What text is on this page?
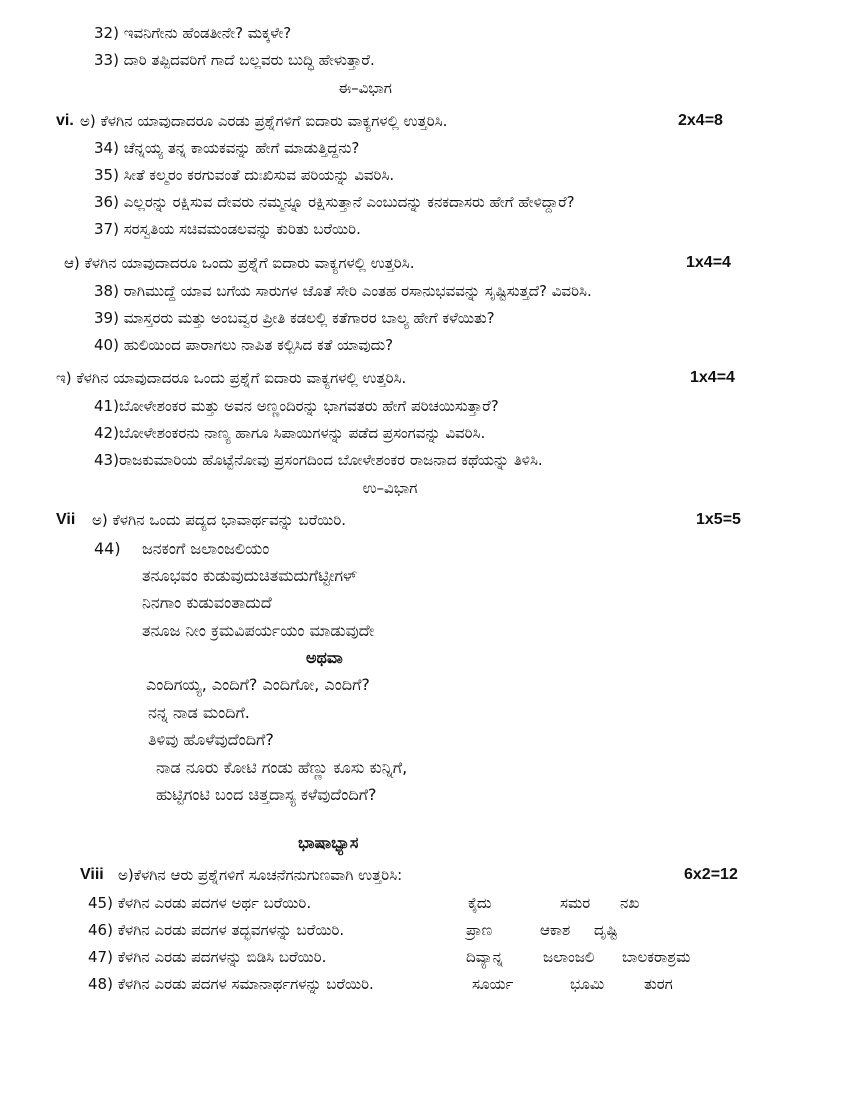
32) ಇವನಿಗೇನು ಹೆಂಡತೀನೇ? ಮಕ್ಕಳೇ?
33) ದಾರಿ ತಪ್ಪಿದವರಿಗೆ ಗಾದೆ ಬಲ್ಲವರು ಬುದ್ಧಿ ಹೇಳುತ್ತಾರೆ.
ಈ–ವಿಭಾಗ
vi. ಅ) ಕೆಳಗಿನ ಯಾವುದಾದರೂ ಎರಡು ಪ್ರಶ್ನೆಗಳಿಗೆ ಐದಾರು ವಾಕ್ಯಗಳಲ್ಲಿ ಉತ್ತರಿಸಿ.	2x4=8
34) ಚೆನ್ನಯ್ಯ ತನ್ನ ಕಾಯಕವನ್ನು ಹೇಗೆ ಮಾಡುತ್ತಿದ್ದನು?
35) ಸೀತೆ ಕಲ್ಮರಂ ಕರಗುವಂತೆ ದುಃಖಿಸುವ ಪರಿಯನ್ನು ವಿವರಿಸಿ.
36) ಎಲ್ಲರನ್ನು ರಕ್ಷಿಸುವ ದೇವರು ನಮ್ಮನ್ನೂ ರಕ್ಷಿಸುತ್ತಾನೆ ಎಂಬುದನ್ನು ಕನಕದಾಸರು ಹೇಗೆ ಹೇಳಿದ್ದಾರೆ?
37) ಸರಸ್ವತಿಯ ಸಚಿವಮಂಡಲವನ್ನು ಕುರಿತು ಬರೆಯಿರಿ.
ಆ) ಕೆಳಗಿನ ಯಾವುದಾದರೂ ಒಂದು ಪ್ರಶ್ನೆಗೆ ಐದಾರು ವಾಕ್ಯಗಳಲ್ಲಿ ಉತ್ತರಿಸಿ.	1x4=4
38) ರಾಗಿಮುದ್ದೆ ಯಾವ ಬಗೆಯ ಸಾರುಗಳ ಜೊತೆ ಸೇರಿ ಎಂತಹ ರಸಾನುಭವವನ್ನು ಸೃಷ್ಟಿಸುತ್ತದೆ? ವಿವರಿಸಿ.
39) ಮಾಸ್ತರರು ಮತ್ತು ಅಂಬವ್ವರ ಪ್ರೀತಿ ಕಡಲಲ್ಲಿ ಕತೆಗಾರರ ಬಾಲ್ಯ ಹೇಗೆ ಕಳೆಯಿತು?
40) ಹುಲಿಯಿಂದ ಪಾರಾಗಲು ನಾಪಿತ ಕಲ್ಪಿಸಿದ ಕತೆ ಯಾವುದು?
ಇ) ಕೆಳಗಿನ ಯಾವುದಾದರೂ ಒಂದು ಪ್ರಶ್ನೆಗೆ ಐದಾರು ವಾಕ್ಯಗಳಲ್ಲಿ ಉತ್ತರಿಸಿ.	1x4=4
41)ಬೋಳೇಶಂಕರ ಮತ್ತು ಅವನ ಅಣ್ಣಂದಿರನ್ನು ಭಾಗವತರು ಹೇಗೆ ಪರಿಚಯಿಸುತ್ತಾರೆ?
42)ಬೋಳೇಶಂಕರನು ನಾಣ್ಯ ಹಾಗೂ ಸಿಪಾಯಿಗಳನ್ನು ಪಡೆದ ಪ್ರಸಂಗವನ್ನು ವಿವರಿಸಿ.
43)ರಾಜಕುಮಾರಿಯ ಹೊಟ್ಟೆನೋವು ಪ್ರಸಂಗದಿಂದ ಬೋಳೇಶಂಕರ ರಾಜನಾದ ಕಥೆಯನ್ನು ತಿಳಿಸಿ.
ಉ–ವಿಭಾಗ
Vii ಅ) ಕೆಳಗಿನ ಒಂದು ಪದ್ಯದ ಭಾವಾರ್ಥವನ್ನು ಬರೆಯಿರಿ.	1x5=5
44) ಜನಕಂಗೆ ಜಲಾಂಜಲಿಯಂ
ತನೂಭವಂ ಕುಡುವುದುಚಿತಮದುಗೆಟ್ಟೀಗಳ್
ನಿನಗಾಂ ಕುಡುವಂತಾದುದೆ
ತನೂಜ ನೀಂ ಕ್ರಮವಿಪರ್ಯಯಂ ಮಾಡುವುದೇ
ಅಥವಾ
ಎಂದಿಗಯ್ಯ, ಎಂದಿಗೆ? ಎಂದಿಗೋ, ಎಂದಿಗೆ?
ನನ್ನ ನಾಡ ಮಂದಿಗೆ.
ತಿಳಿವು ಹೊಳೆವುದೆಂದಿಗೆ?
ನಾಡ ನೂರು ಕೋಟಿ ಗಂಡು ಹೆಣ್ಣು ಕೂಸು ಕುನ್ನಿಗೆ,
ಹುಟ್ಟಿಗಂಟಿ ಬಂದ ಚಿತ್ತದಾಸ್ಯ ಕಳೆವುದೆಂದಿಗೆ?
ಭಾಷಾಭ್ಯಾಸ
Viii ಅ)ಕೆಳಗಿನ ಆರು ಪ್ರಶ್ನೆಗಳಿಗೆ ಸೂಚನೆಗನುಗುಣವಾಗಿ ಉತ್ತರಿಸಿ:	6x2=12
45) ಕೆಳಗಿನ ಎರಡು ಪದಗಳ ಅರ್ಥ ಬರೆಯಿರಿ.	ಕೈದು	ಸಮರ ನಖ
46) ಕೆಳಗಿನ ಎರಡು ಪದಗಳ ತದ್ಭವಗಳನ್ನು ಬರೆಯಿರಿ.	ಪ್ರಾಣ	ಆಕಾಶ ದೃಷ್ಟಿ
47) ಕೆಳಗಿನ ಎರಡು ಪದಗಳನ್ನು ಬಿಡಿಸಿ ಬರೆಯಿರಿ.	ದಿವ್ಯಾನ್ನ	ಜಲಾಂಜಲಿ ಬಾಲಕರಾಶ್ರಮ
48) ಕೆಳಗಿನ ಎರಡು ಪದಗಳ ಸಮಾನಾರ್ಥಗಳನ್ನು ಬರೆಯಿರಿ.	ಸೂರ್ಯ	ಭೂಮಿ	ತುರಗ
